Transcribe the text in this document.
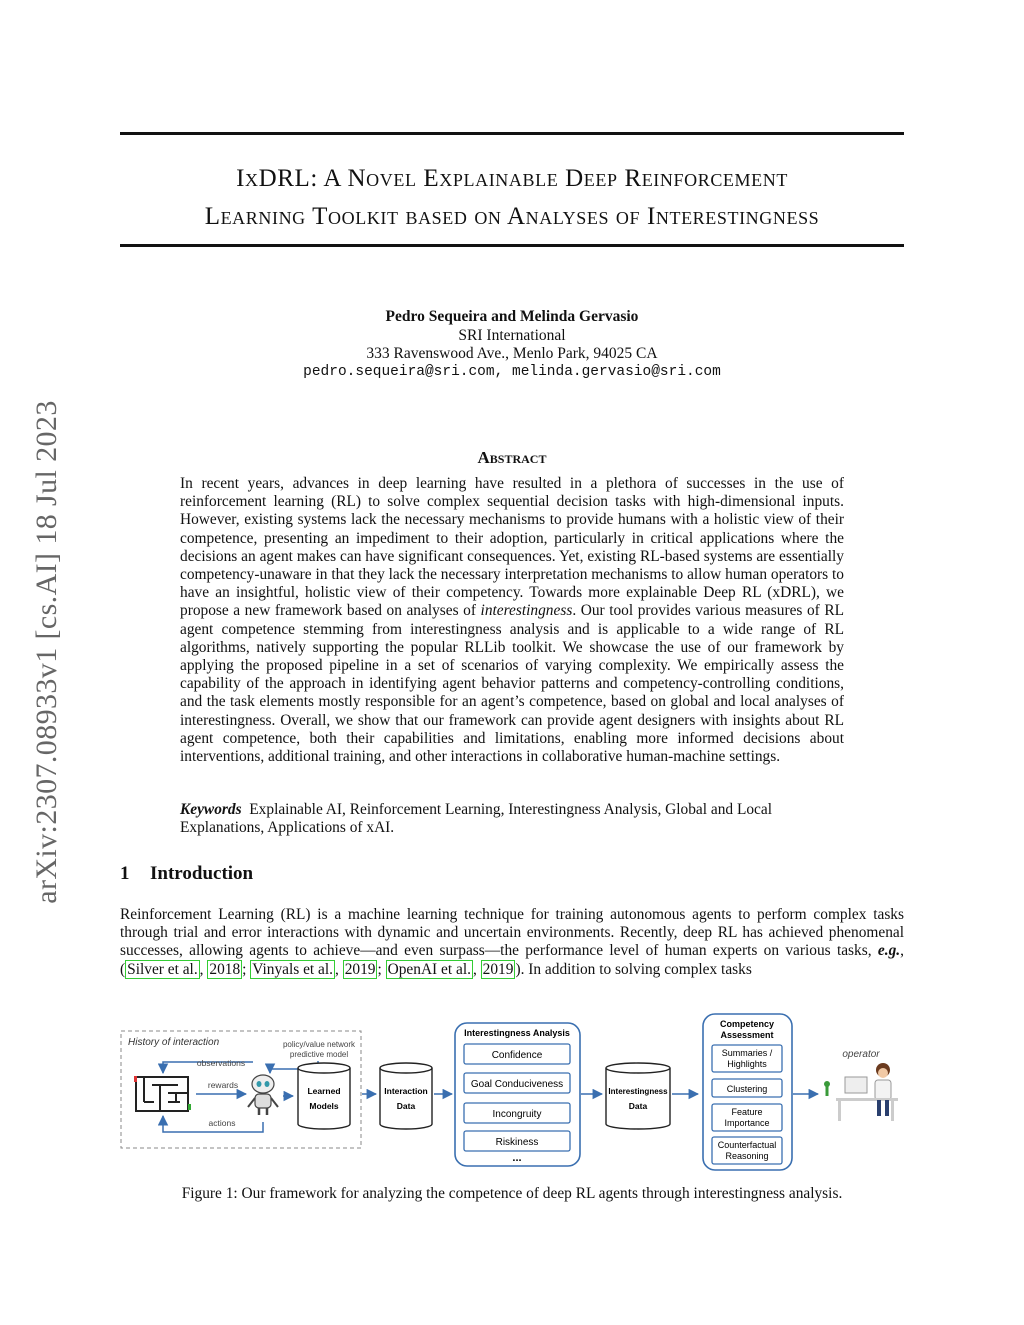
arXiv:2307.08933v1 [cs.AI] 18 Jul 2023
IxDRL: A Novel Explainable Deep Reinforcement
Learning Toolkit based on Analyses of Interestingness
Pedro Sequeira and Melinda Gervasio
SRI International
333 Ravenswood Ave., Menlo Park, 94025 CA
pedro.sequeira@sri.com, melinda.gervasio@sri.com
Abstract

In recent years, advances in deep learning have resulted in a plethora of successes in the use of reinforcement learning (RL) to solve complex sequential decision tasks with high-dimensional inputs. However, existing systems lack the necessary mechanisms to provide humans with a holistic view of their competence, presenting an impediment to their adoption, particularly in critical applications where the decisions an agent makes can have significant consequences. Yet, existing RL-based systems are essentially competency-unaware in that they lack the necessary interpretation mechanisms to allow human operators to have an insightful, holistic view of their competency. Towards more explainable Deep RL (xDRL), we propose a new framework based on analyses of interestingness. Our tool provides various measures of RL agent competence stemming from interestingness analysis and is applicable to a wide range of RL algorithms, natively supporting the popular RLLib toolkit. We showcase the use of our framework by applying the proposed pipeline in a set of scenarios of varying complexity. We empirically assess the capability of the approach in identifying agent behavior patterns and competency-controlling conditions, and the task elements mostly responsible for an agent’s competence, based on global and local analyses of interestingness. Overall, we show that our framework can provide agent designers with insights about RL agent competence, both their capabilities and limitations, enabling more informed decisions about interventions, additional training, and other interactions in collaborative human-machine settings.

Keywords Explainable AI, Reinforcement Learning, Interestingness Analysis, Global and Local Explanations, Applications of xAI.

1 Introduction

Reinforcement Learning (RL) is a machine learning technique for training autonomous agents to perform complex tasks through trial and error interactions with dynamic and uncertain environments. Recently, deep RL has achieved phenomenal successes, allowing agents to achieve—and even surpass—the performance level of human experts on various tasks, e.g., ( Silver et al. , 2018 ; Vinyals et al. , 2019 ; OpenAI et al. , 2019 ). In addition to solving complex tasks

History of interaction	policy/value network
predictive model
observations
rewards
actions
Learned
Models
Interaction
Data
Interestingness Analysis
Confidence
Goal Conduciveness
Incongruity
Riskiness
...
Interestingness
Data
Competency
Assessment
Summaries /
Highlights
Clustering
Feature
Importance
Counterfactual
Reasoning
operator
Figure 1: Our framework for analyzing the competence of deep RL agents through interestingness analysis.
